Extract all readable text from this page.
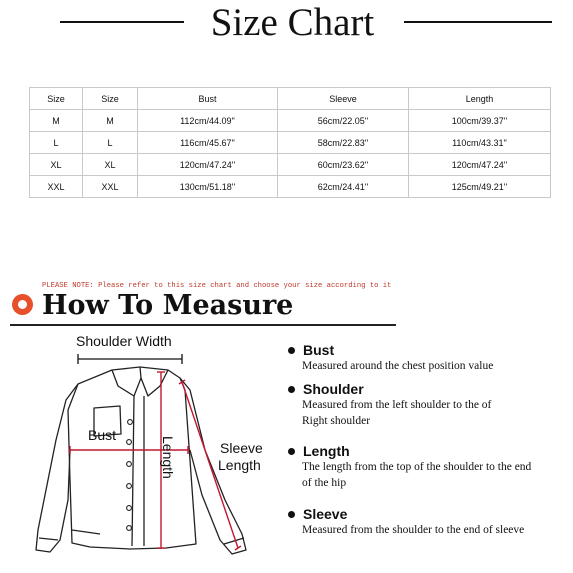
Size Chart
Size	Size	Bust	Sleeve	Length
M	M	112cm/44.09''	56cm/22.05''	100cm/39.37''
L	L	116cm/45.67''	58cm/22.83''	110cm/43.31''
XL	XL	120cm/47.24''	60cm/23.62''	120cm/47.24''
XXL	XXL	130cm/51.18''	62cm/24.41''	125cm/49.21''
PLEASE NOTE: Please refer to this size chart and choose your size according to it
How To Measure
Shoulder Width
Bust
Length	Sleeve
Length
Bust
Measured around the chest position value
Shoulder
Measured from the left shoulder to the of Right shoulder
Length
The length from the top of the shoulder to the end of the hip
Sleeve
Measured from the shoulder to the end of sleeve
